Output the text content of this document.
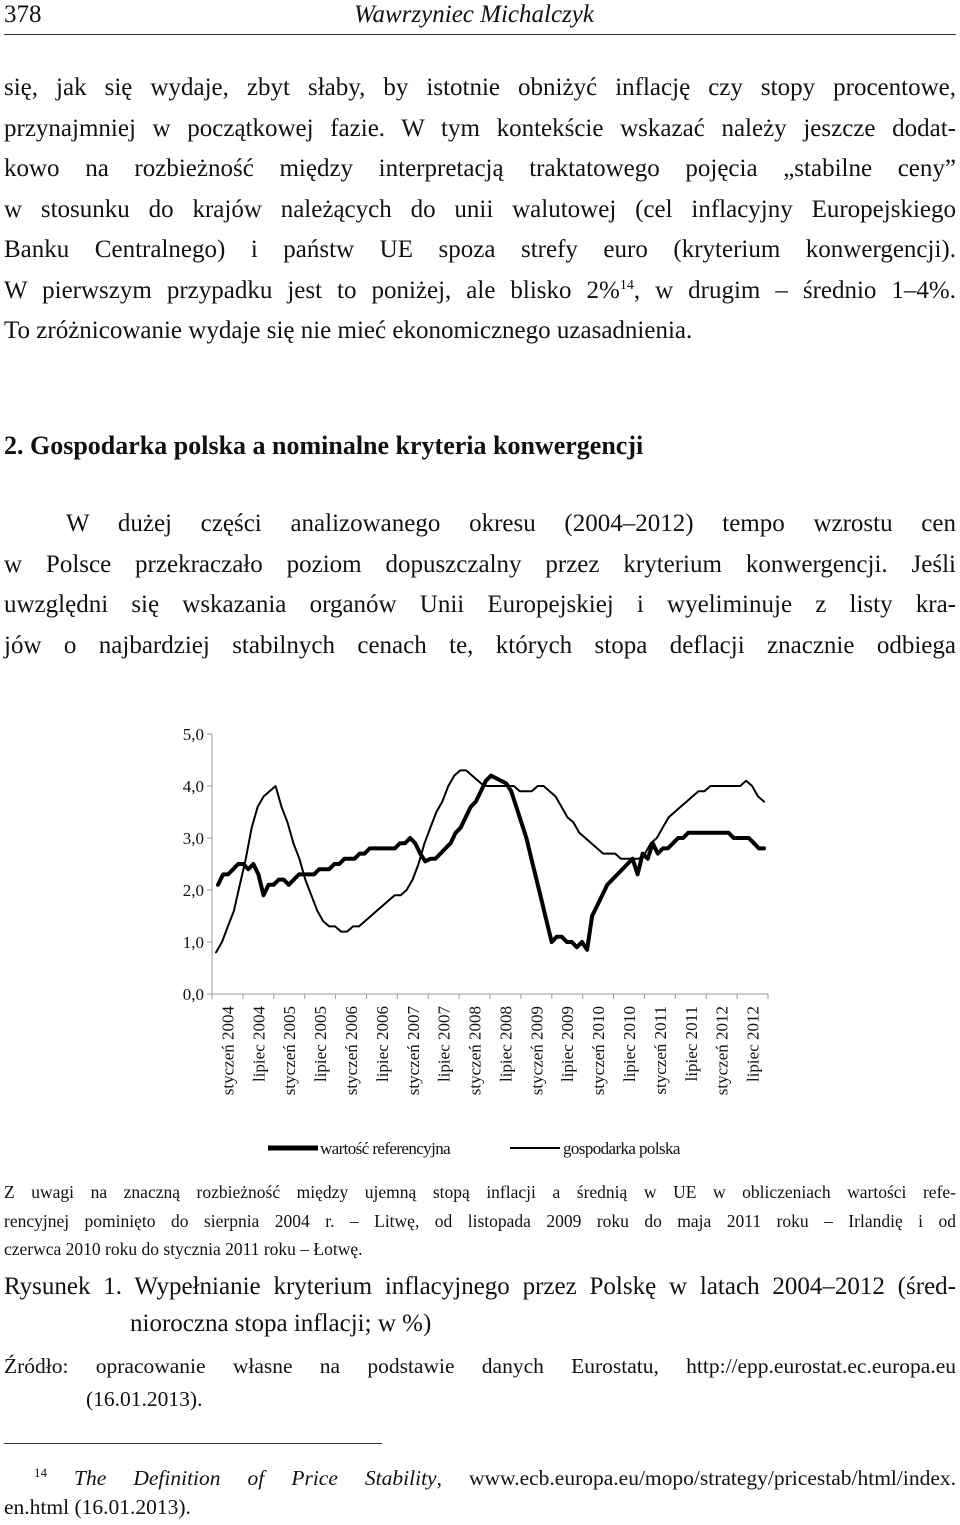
378	Wawrzyniec Michalczyk
się, jak się wydaje, zbyt słaby, by istotnie obniżyć inflację czy stopy procentowe,
przynajmniej w początkowej fazie. W tym kontekście wskazać należy jeszcze dodat-
kowo na rozbieżność między interpretacją traktatowego pojęcia „stabilne ceny”
w stosunku do krajów należących do unii walutowej (cel inflacyjny Europejskiego
Banku Centralnego) i państw UE spoza strefy euro (kryterium konwergencji).
W pierwszym przypadku jest to poniżej, ale blisko 2%$^{14}$, w drugim – średnio 1–4%.
To zróżnicowanie wydaje się nie mieć ekonomicznego uzasadnienia.
2. Gospodarka polska a nominalne kryteria konwergencji
W dużej części analizowanego okresu (2004–2012) tempo wzrostu cen
w Polsce przekraczało poziom dopuszczalny przez kryterium konwergencji. Jeśli
uwzględni się wskazania organów Unii Europejskiej i wyeliminuje z listy kra-
jów o najbardziej stabilnych cenach te, których stopa deflacji znacznie odbiega
0,0
1,0
2,0
3,0
4,0
5,0
styczeń 2004 lipiec 2004 styczeń 2005 lipiec 2005 styczeń 2006 lipiec 2006 styczeń 2007 lipiec 2007 styczeń 2008 lipiec 2008 styczeń 2009 lipiec 2009 styczeń 2010 lipiec 2010 styczeń 2011 lipiec 2011 styczeń 2012 lipiec 2012
wartość referencyjna	gospodarka polska
Z uwagi na znaczną rozbieżność między ujemną stopą inflacji a średnią w UE w obliczeniach wartości refe-
rencyjnej pominięto do sierpnia 2004 r. – Litwę, od listopada 2009 roku do maja 2011 roku – Irlandię i od
czerwca 2010 roku do stycznia 2011 roku – Łotwę.
Rysunek 1. Wypełnianie kryterium inflacyjnego przez Polskę w latach 2004–2012 (śred-
nioroczna stopa inflacji; w %)
Źródło: opracowanie własne na podstawie danych Eurostatu, http://epp.eurostat.ec.europa.eu
(16.01.2013).
$^{14}$ The Definition of Price Stability, www.ecb.europa.eu/mopo/strategy/pricestab/html/index.
en.html (16.01.2013).
